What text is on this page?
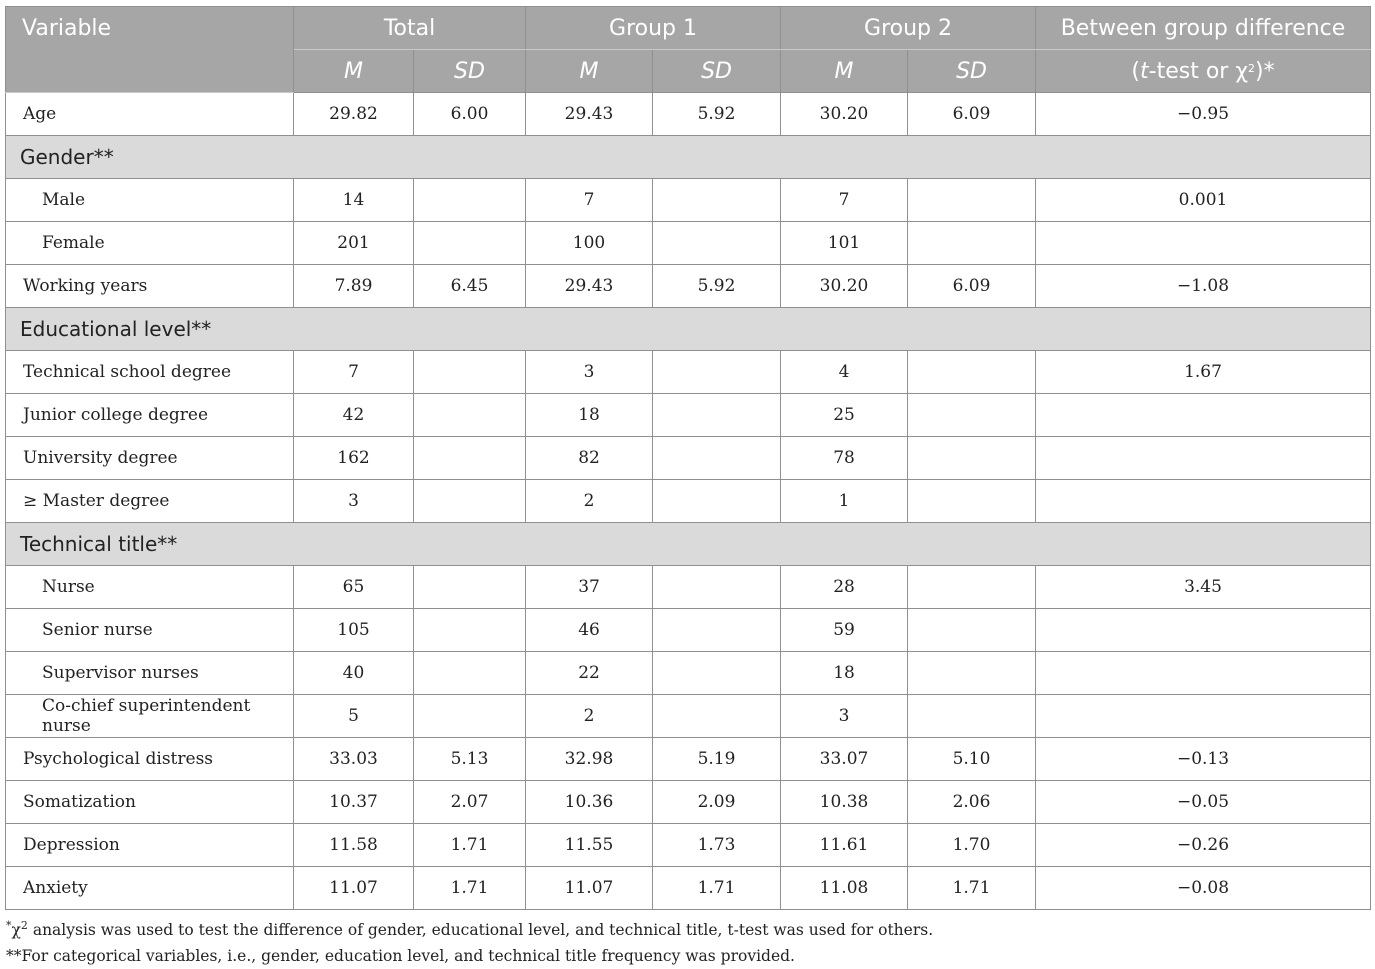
Variable	Total		Group 1		Group 2		Between group difference
	M	SD	M	SD	M	SD	(t-test or $\chi^2)*$
Age	29.82	6.00	29.43	5.92	30.20	6.09	−0.95
Gender**							
Male	14		7		7		0.001
Female	201		100		101		
Working years	7.89	6.45	29.43	5.92	30.20	6.09	−1.08
Educational level**							
Technical school degree	7		3		4		1.67
Junior college degree	42		18		25		
University degree	162		82		78		
≥ Master degree	3		2		1		
Technical title**							
Nurse	65		37		28		3.45
Senior nurse	105		46		59		
Supervisor nurses	40		22		18		
Co-chief superintendent nurse	5		2		3		
Psychological distress	33.03	5.13	32.98	5.19	33.07	5.10	−0.13
Somatization	10.37	2.07	10.36	2.09	10.38	2.06	−0.05
Depression	11.58	1.71	11.55	1.73	11.61	1.70	−0.26
Anxiety	11.07	1.71	11.07	1.71	11.08	1.71	−0.08
$^*\chi^2$ analysis was used to test the difference of gender, educational level, and technical title, t-test was used for others.
**For categorical variables, i.e., gender, education level, and technical title frequency was provided.
